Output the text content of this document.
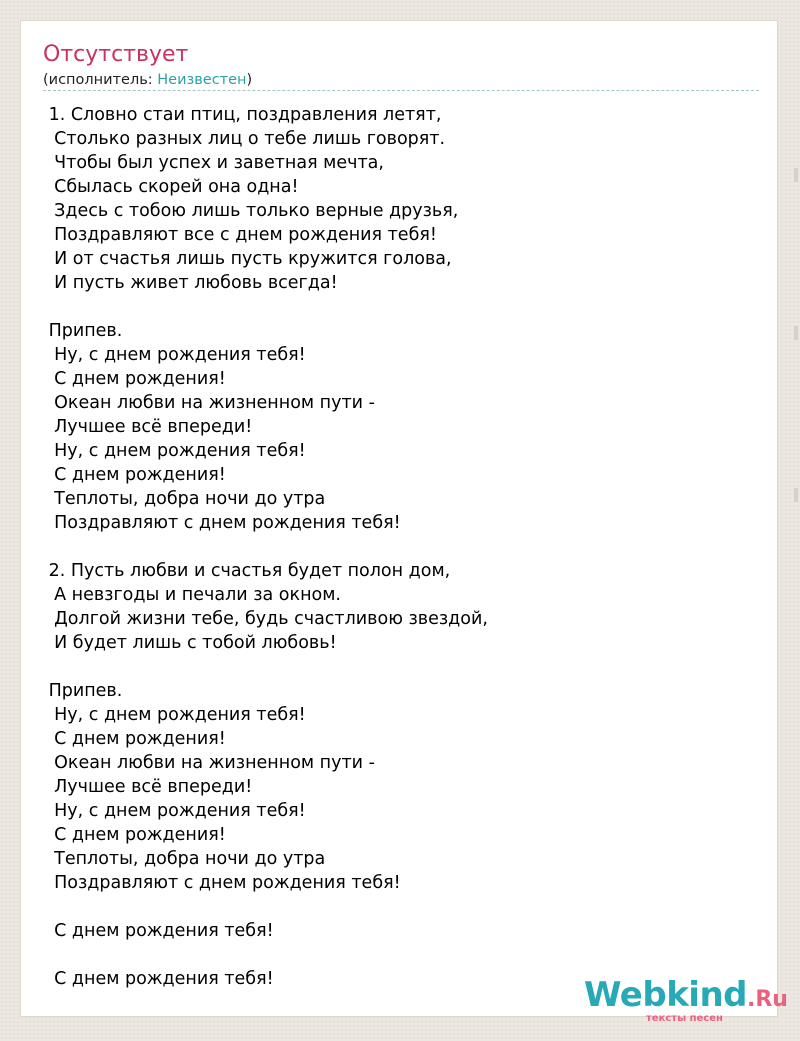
Отсутствует
(исполнитель: Неизвестен)
1. Словно стаи птиц, поздравления летят,
Столько разных лиц о тебе лишь говорят.
Чтобы был успех и заветная мечта,
Сбылась скорей она одна!
Здесь с тобою лишь только верные друзья,
Поздравляют все с днем рождения тебя!
И от счастья лишь пусть кружится голова,
И пусть живет любовь всегда!

Припев.
Ну, с днем рождения тебя!
С днем рождения!
Океан любви на жизненном пути -
Лучшее всё впереди!
Ну, с днем рождения тебя!
С днем рождения!
Теплоты, добра ночи до утра
Поздравляют с днем рождения тебя!

2. Пусть любви и счастья будет полон дом,
А невзгоды и печали за окном.
Долгой жизни тебе, будь счастливою звездой,
И будет лишь с тобой любовь!

Припев.
Ну, с днем рождения тебя!
С днем рождения!
Океан любви на жизненном пути -
Лучшее всё впереди!
Ну, с днем рождения тебя!
С днем рождения!
Теплоты, добра ночи до утра
Поздравляют с днем рождения тебя!

С днем рождения тебя!

С днем рождения тебя!	Webkind.Ru
тексты песен
